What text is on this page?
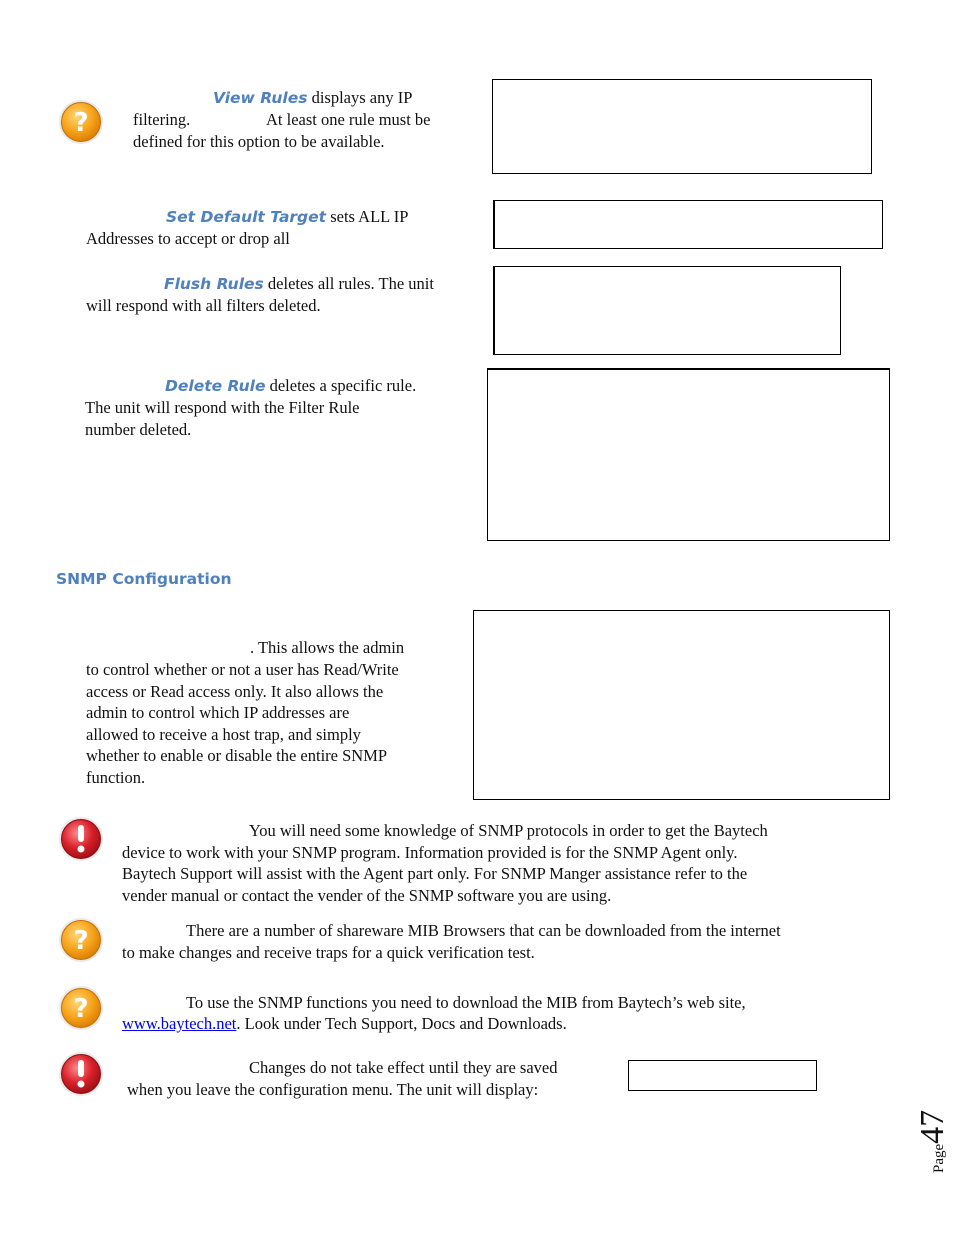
?
View Rules displays any IP
filtering.	At least one rule must be
defined for this option to be available.
Set Default Target sets ALL IP
Addresses to accept or drop all
Flush Rules deletes all rules. The unit
will respond with all filters deleted.
Delete Rule deletes a specific rule.
The unit will respond with the Filter Rule
number deleted.
SNMP Configuration
. This allows the admin
to control whether or not a user has Read/Write
access or Read access only. It also allows the
admin to control which IP addresses are
allowed to receive a host trap, and simply
whether to enable or disable the entire SNMP
function.
You will need some knowledge of SNMP protocols in order to get the Baytech
device to work with your SNMP program. Information provided is for the SNMP Agent only.
Baytech Support will assist with the Agent part only. For SNMP Manger assistance refer to the
vender manual or contact the vender of the SNMP software you are using.
?	There are a number of shareware MIB Browsers that can be downloaded from the internet
to make changes and receive traps for a quick verification test.
?	To use the SNMP functions you need to download the MIB from Baytech’s web site,
www.baytech.net. Look under Tech Support, Docs and Downloads.
Changes do not take effect until they are saved
when you leave the configuration menu. The unit will display:
Page47
